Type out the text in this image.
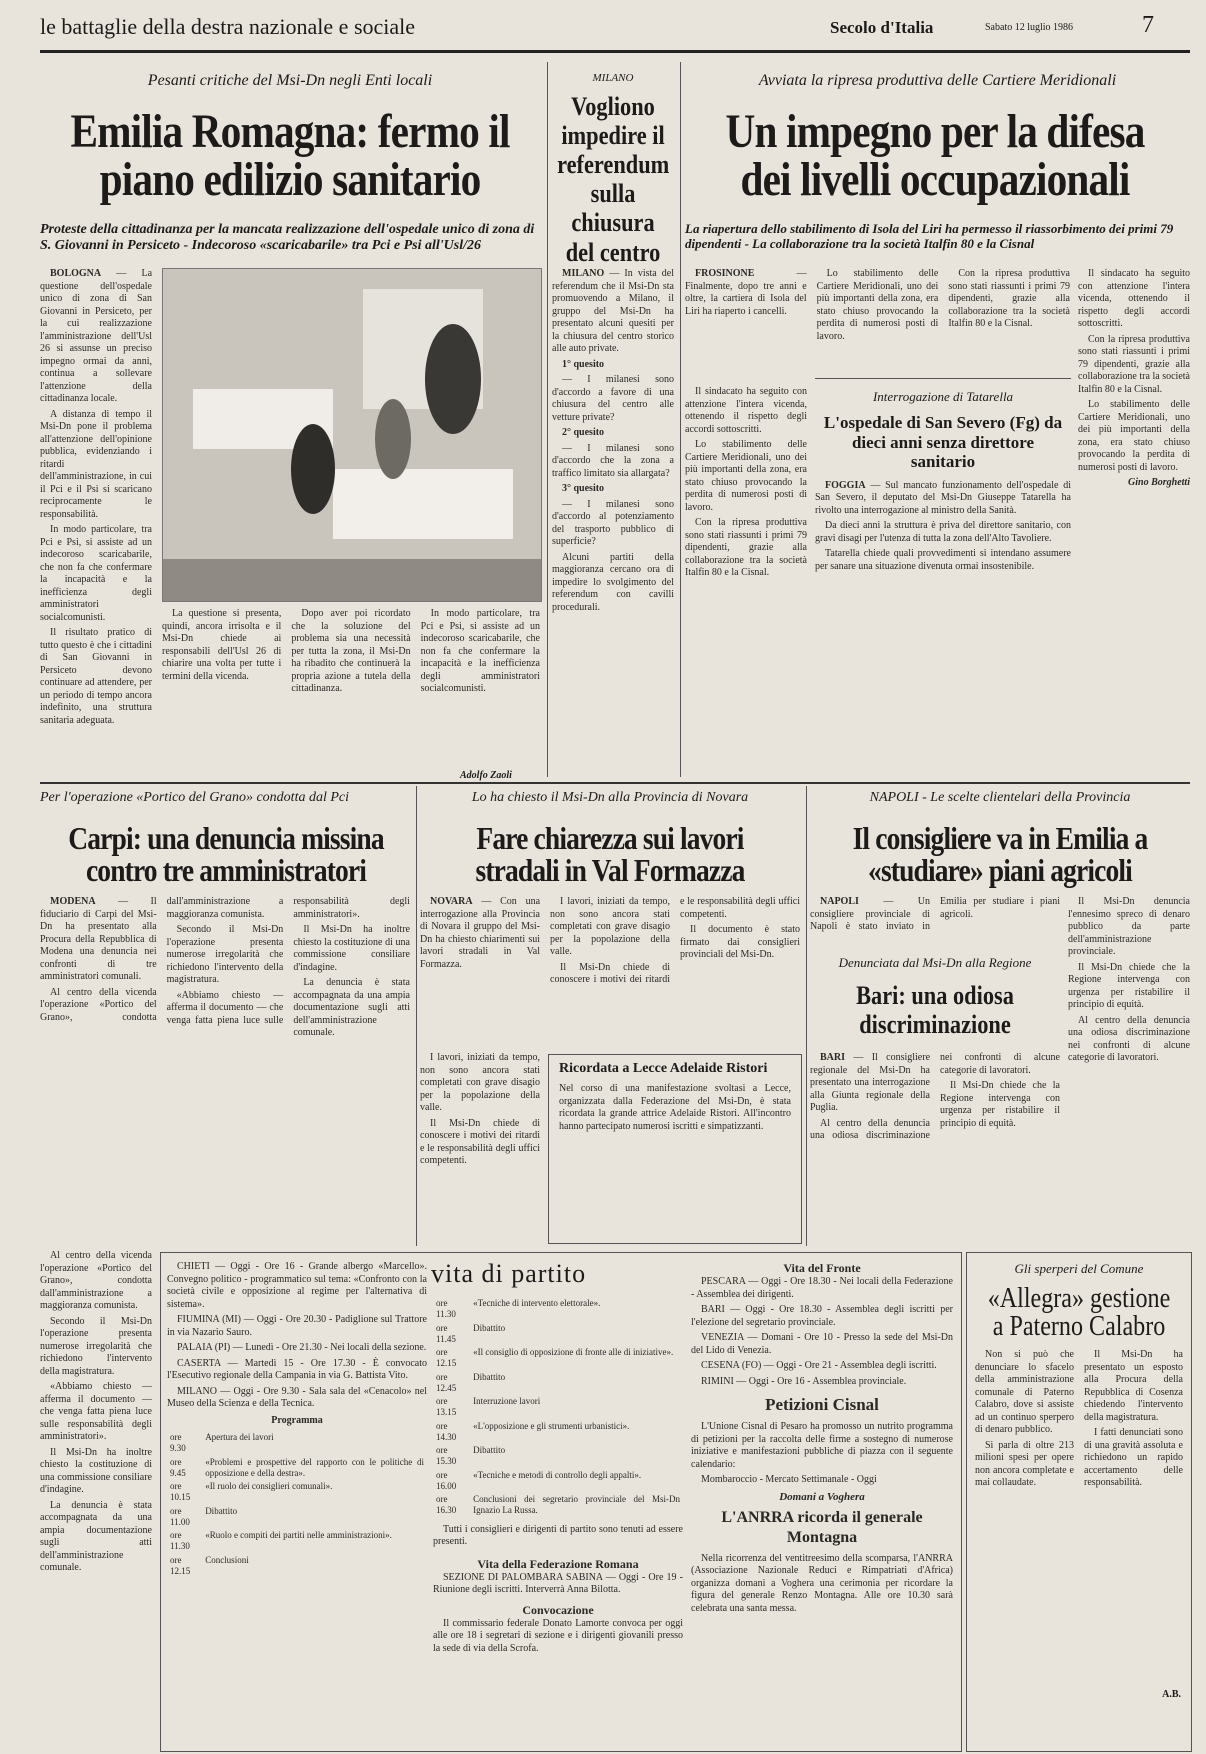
le battaglie della destra nazionale e sociale	Secolo d'Italia	Sabato 12 luglio 1986	7
Pesanti critiche del Msi-Dn negli Enti locali
Emilia Romagna: fermo il piano edilizio sanitario
Proteste della cittadinanza per la mancata realizzazione dell'ospedale unico di zona di S. Giovanni in Persiceto - Indecoroso «scaricabarile» tra Pci e Psi all'Usl/26

BOLOGNA — La questione dell'ospedale unico di zona di San Giovanni in Persiceto, per la cui realizzazione l'amministrazione dell'Usl 26 si assunse un preciso impegno ormai da anni, continua a sollevare l'attenzione della cittadinanza locale.

A distanza di tempo il Msi-Dn pone il problema all'attenzione dell'opinione pubblica, evidenziando i ritardi dell'amministrazione, in cui il Pci e il Psi si scaricano reciprocamente le responsabilità.

In modo particolare, tra Pci e Psi, si assiste ad un indecoroso scaricabarile, che non fa che confermare la incapacità e la inefficienza degli amministratori socialcomunisti.

Il risultato pratico di tutto questo è che i cittadini di San Giovanni in Persiceto devono continuare ad attendere, per un periodo di tempo ancora indefinito, una struttura sanitaria adeguata.

La questione si presenta, quindi, ancora irrisolta e il Msi-Dn chiede ai responsabili dell'Usl 26 di chiarire una volta per tutte i termini della vicenda.

Dopo aver poi ricordato che la soluzione del problema sia una necessità per tutta la zona, il Msi-Dn ha ribadito che continuerà la propria azione a tutela della cittadinanza.

In modo particolare, tra Pci e Psi, si assiste ad un indecoroso scaricabarile, che non fa che confermare la incapacità e la inefficienza degli amministratori socialcomunisti.

Adolfo Zaoli
MILANO
Vogliono impedire il referendum sulla chiusura del centro

MILANO — In vista del referendum che il Msi-Dn sta promuovendo a Milano, il gruppo del Msi-Dn ha presentato alcuni quesiti per la chiusura del centro storico alle auto private.

1° quesito

— I milanesi sono d'accordo a favore di una chiusura del centro alle vetture private?

2° quesito

— I milanesi sono d'accordo che la zona a traffico limitato sia allargata?

3° quesito

— I milanesi sono d'accordo al potenziamento del trasporto pubblico di superficie?

Alcuni partiti della maggioranza cercano ora di impedire lo svolgimento del referendum con cavilli procedurali.

Avviata la ripresa produttiva delle Cartiere Meridionali
Un impegno per la difesa dei livelli occupazionali
La riapertura dello stabilimento di Isola del Liri ha permesso il riassorbimento dei primi 79 dipendenti - La collaborazione tra la società Italfin 80 e la Cisnal

FROSINONE	— Finalmente, dopo tre anni e oltre, la cartiera di Isola del Liri ha riaperto i cancelli.

Lo stabilimento delle Cartiere Meridionali, uno dei più importanti della zona, era stato chiuso provocando la perdita di numerosi posti di lavoro.

Con la ripresa produttiva sono stati riassunti i primi 79 dipendenti, grazie alla collaborazione tra la società Italfin 80 e la Cisnal.

Il sindacato ha seguito con attenzione l'intera vicenda, ottenendo il rispetto degli accordi sottoscritti.

Con la ripresa produttiva sono stati riassunti i primi 79 dipendenti, grazie alla collaborazione tra la società Italfin 80 e la Cisnal.

Lo stabilimento delle Cartiere Meridionali, uno dei più importanti della zona, era stato chiuso provocando la perdita di numerosi posti di lavoro.

Gino Borghetti

Interrogazione di Tatarella
L'ospedale di San Severo (Fg) da dieci anni senza direttore sanitario

FOGGIA — Sul mancato funzionamento dell'ospedale di San Severo, il deputato del Msi-Dn Giuseppe Tatarella ha rivolto una interrogazione al ministro della Sanità.

Da dieci anni la struttura è priva del direttore sanitario, con gravi disagi per l'utenza di tutta la zona dell'Alto Tavoliere.

Tatarella chiede quali provvedimenti si intendano assumere per sanare una situazione divenuta ormai insostenibile.

Il sindacato ha seguito con attenzione l'intera vicenda, ottenendo il rispetto degli accordi sottoscritti.

Lo stabilimento delle Cartiere Meridionali, uno dei più importanti della zona, era stato chiuso provocando la perdita di numerosi posti di lavoro.

Con la ripresa produttiva sono stati riassunti i primi 79 dipendenti, grazie alla collaborazione tra la società Italfin 80 e la Cisnal.

Per l'operazione «Portico del Grano» condotta dal Pci
Carpi: una denuncia missina contro tre amministratori

MODENA — Il fiduciario di Carpi del Msi-Dn ha presentato alla Procura della Repubblica di Modena una denuncia nei confronti di tre amministratori comunali.

Al centro della vicenda l'operazione «Portico del Grano», condotta dall'amministrazione a maggioranza comunista.

Secondo il Msi-Dn l'operazione presenta numerose irregolarità che richiedono l'intervento della magistratura.

«Abbiamo chiesto — afferma il documento — che venga fatta piena luce sulle responsabilità degli amministratori».

Il Msi-Dn ha inoltre chiesto la costituzione di una commissione consiliare d'indagine.

La denuncia è stata accompagnata da una ampia documentazione sugli atti dell'amministrazione comunale.

Al centro della vicenda l'operazione «Portico del Grano», condotta dall'amministrazione a maggioranza comunista.

Secondo il Msi-Dn l'operazione presenta numerose irregolarità che richiedono l'intervento della magistratura.

«Abbiamo chiesto — afferma il documento — che venga fatta piena luce sulle responsabilità degli amministratori».

Il Msi-Dn ha inoltre chiesto la costituzione di una commissione consiliare d'indagine.

La denuncia è stata accompagnata da una ampia documentazione sugli atti dell'amministrazione comunale.

Lo ha chiesto il Msi-Dn alla Provincia di Novara
Fare chiarezza sui lavori stradali in Val Formazza

NOVARA — Con una interrogazione alla Provincia di Novara il gruppo del Msi-Dn ha chiesto chiarimenti sui lavori stradali in Val Formazza.

I lavori, iniziati da tempo, non sono ancora stati completati con grave disagio per la popolazione della valle.

Il Msi-Dn chiede di conoscere i motivi dei ritardi e le responsabilità degli uffici competenti.

Il documento è stato firmato dai consiglieri provinciali del Msi-Dn.

I lavori, iniziati da tempo, non sono ancora stati completati con grave disagio per la popolazione della valle.

Il Msi-Dn chiede di conoscere i motivi dei ritardi e le responsabilità degli uffici competenti.

Ricordata a Lecce Adelaide Ristori
Nel corso di una manifestazione svoltasi a Lecce, organizzata dalla Federazione del Msi-Dn, è stata ricordata la grande attrice Adelaide Ristori. All'incontro hanno partecipato numerosi iscritti e simpatizzanti.
NAPOLI - Le scelte clientelari della Provincia
Il consigliere va in Emilia a «studiare» piani agricoli

NAPOLI — Un consigliere provinciale di Napoli è stato inviato in Emilia per studiare i piani agricoli.

Denunciata dal Msi-Dn alla Regione
Bari: una odiosa discriminazione

BARI — Il consigliere regionale del Msi-Dn ha presentato una interrogazione alla Giunta regionale della Puglia.

Al centro della denuncia una odiosa discriminazione nei confronti di alcune categorie di lavoratori.

Il Msi-Dn chiede che la Regione intervenga con urgenza per ristabilire il principio di equità.

Il Msi-Dn denuncia l'ennesimo spreco di denaro pubblico da parte dell'amministrazione provinciale.

Il Msi-Dn chiede che la Regione intervenga con urgenza per ristabilire il principio di equità.

Al centro della denuncia una odiosa discriminazione nei confronti di alcune categorie di lavoratori.

vita di partito

CHIETI — Oggi - Ore 16 - Grande albergo «Marcello». Convegno politico - programmatico sul tema: «Confronto con la società civile e opposizione al regime per l'alternativa di sistema».

FIUMINA (MI) — Oggi - Ore 20.30 - Padiglione sul Trattore in via Nazario Sauro.

PALAIA (PI) — Lunedì - Ore 21.30 - Nei locali della sezione.

CASERTA — Martedì 15 - Ore 17.30 - È convocato l'Esecutivo regionale della Campania in via G. Battista Vito.

MILANO — Oggi - Ore 9.30 - Sala sala del «Cenacolo» nel Museo della Scienza e della Tecnica.

Programma
ore 9.30	Apertura dei lavori
ore 9.45	«Problemi e prospettive del rapporto con le politiche di opposizione e della destra».
ore 10.15	«Il ruolo dei consiglieri comunali».
ore 11.00	Dibattito
ore 11.30	«Ruolo e compiti dei partiti nelle amministrazioni».
ore 12.15	Conclusioni
ore 11.30	«Tecniche di intervento elettorale».
ore 11.45	Dibattito
ore 12.15	«Il consiglio di opposizione di fronte alle di iniziative».
ore 12.45	Dibattito
ore 13.15	Interruzione lavori
ore 14.30	«L'opposizione e gli strumenti urbanistici».
ore 15.30	Dibattito
ore 16.00	«Tecniche e metodi di controllo degli appalti».
ore 16.30	Conclusioni dei segretario provinciale del Msi-Dn Ignazio La Russa.

Tutti i consiglieri e dirigenti di partito sono tenuti ad essere presenti.

Vita della Federazione Romana

SEZIONE DI PALOMBARA SABINA — Oggi - Ore 19 - Riunione degli iscritti. Interverrà Anna Bilotta.

Convocazione

Il commissario federale Donato Lamorte convoca per oggi alle ore 18 i segretari di sezione e i dirigenti giovanili presso la sede di via della Scrofa.

Vita del Fronte

PESCARA — Oggi - Ore 18.30 - Nei locali della Federazione - Assemblea dei dirigenti.

BARI — Oggi - Ore 18.30 - Assemblea degli iscritti per l'elezione del segretario provinciale.

VENEZIA — Domani - Ore 10 - Presso la sede del Msi-Dn del Lido di Venezia.

CESENA (FO) — Oggi - Ore 21 - Assemblea degli iscritti.

RIMINI — Oggi - Ore 16 - Assemblea provinciale.

Petizioni Cisnal

L'Unione Cisnal di Pesaro ha promosso un nutrito programma di petizioni per la raccolta delle firme a sostegno di numerose iniziative e manifestazioni pubbliche di piazza con il seguente calendario:

Mombaroccio - Mercato Settimanale - Oggi

Domani a Voghera
L'ANRRA ricorda il generale Montagna

Nella ricorrenza del ventitreesimo della scomparsa, l'ANRRA (Associazione Nazionale Reduci e Rimpatriati d'Africa) organizza domani a Voghera una cerimonia per ricordare la figura del generale Renzo Montagna. Alle ore 10.30 sarà celebrata una santa messa.

Gli sperperi del Comune
«Allegra» gestione a Paterno Calabro

Non si può che denunciare lo sfacelo della amministrazione comunale di Paterno Calabro, dove si assiste ad un continuo sperpero di denaro pubblico.

Si parla di oltre 213 milioni spesi per opere non ancora completate e mai collaudate.

Il Msi-Dn ha presentato un esposto alla Procura della Repubblica di Cosenza chiedendo l'intervento della magistratura.

I fatti denunciati sono di una gravità assoluta e richiedono un rapido accertamento delle responsabilità.

A.B.
